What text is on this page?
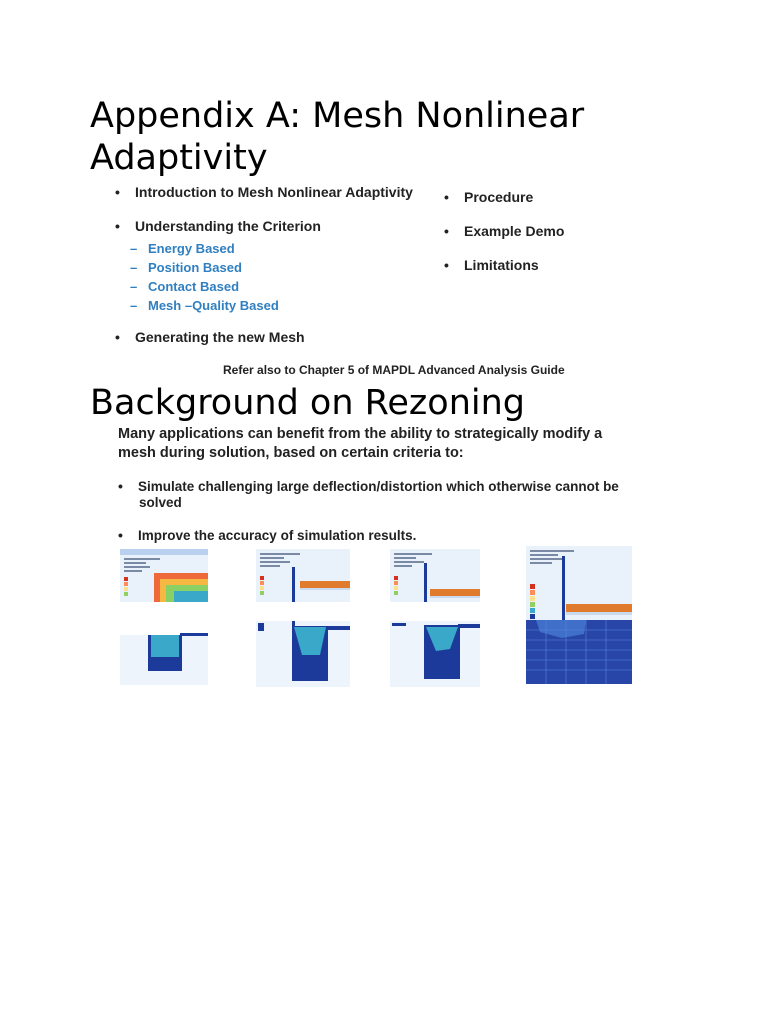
Appendix A: Mesh Nonlinear
Adaptivity
• Introduction to Mesh Nonlinear Adaptivity
• Understanding the Criterion
– Energy Based
– Position Based
– Contact Based
– Mesh –Quality Based
• Generating the new Mesh
• Procedure
• Example Demo
• Limitations
Refer also to Chapter 5 of MAPDL Advanced Analysis Guide
Background on Rezoning
Many applications can benefit from the ability to strategically modify a
mesh during solution, based on certain criteria to:
• Simulate challenging large deflection/distortion which otherwise cannot be
solved
• Improve the accuracy of simulation results.
